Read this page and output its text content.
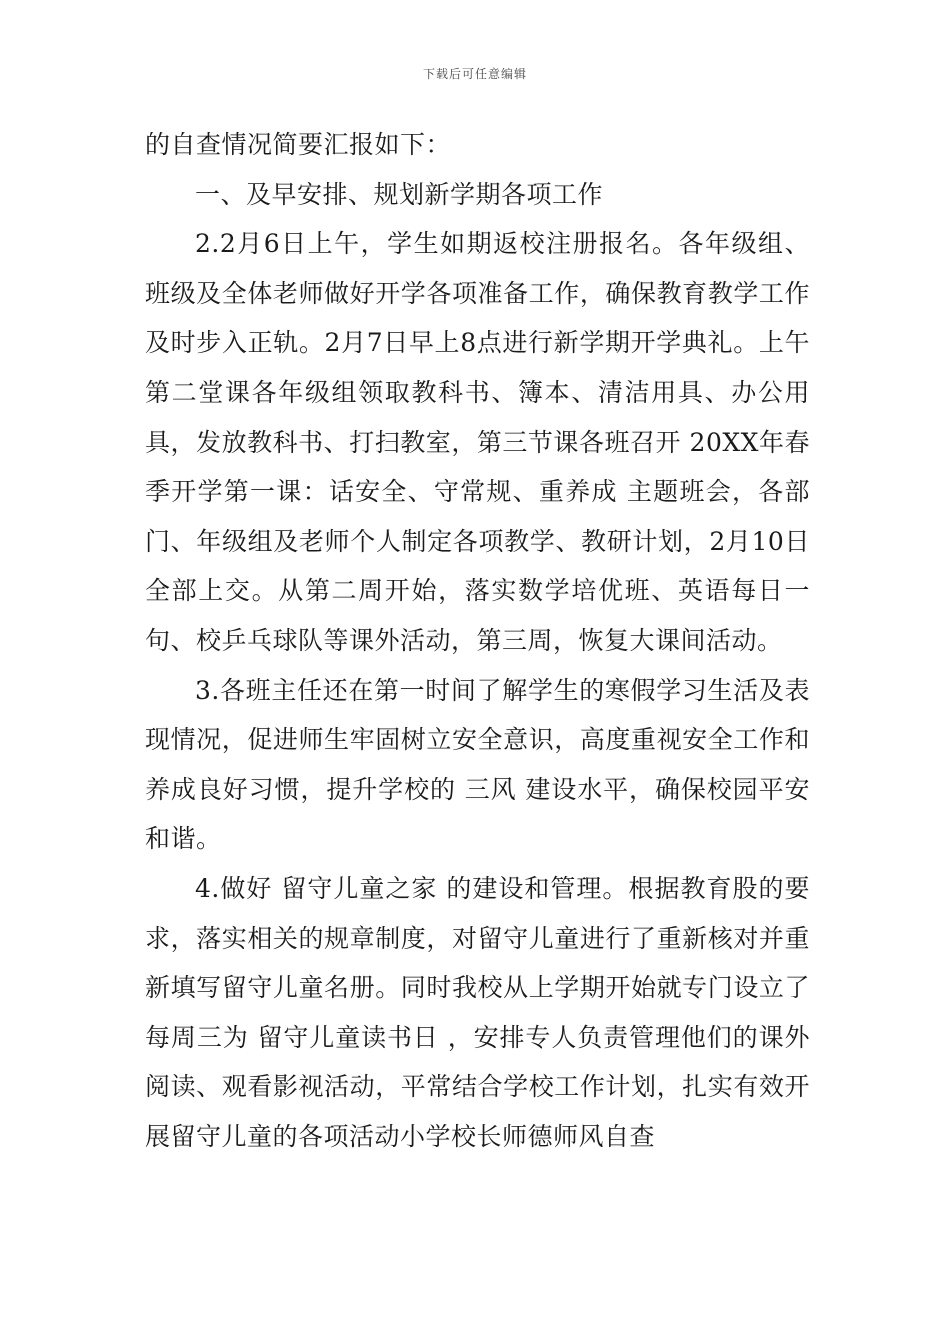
下载后可任意编辑

的自查情况简要汇报如下：

一、及早安排、规划新学期各项工作

2.2月6日上午，学生如期返校注册报名。各年级组、班级及全体老师做好开学各项准备工作，确保教育教学工作及时步入正轨。2月7日早上8点进行新学期开学典礼。上午第二堂课各年级组领取教科书、簿本、清洁用具、办公用具，发放教科书、打扫教室，第三节课各班召开 20XX年春季开学第一课：话安全、守常规、重养成 主题班会，各部门、年级组及老师个人制定各项教学、教研计划，2月10日全部上交。从第二周开始，落实数学培优班、英语每日一句、校乒乓球队等课外活动，第三周，恢复大课间活动。

3.各班主任还在第一时间了解学生的寒假学习生活及表现情况，促进师生牢固树立安全意识，高度重视安全工作和养成良好习惯，提升学校的 三风 建设水平，确保校园平安和谐。

4.做好 留守儿童之家 的建设和管理。根据教育股的要求，落实相关的规章制度，对留守儿童进行了重新核对并重新填写留守儿童名册。同时我校从上学期开始就专门设立了每周三为 留守儿童读书日 ，安排专人负责管理他们的课外阅读、观看影视活动，平常结合学校工作计划，扎实有效开展留守儿童的各项活动小学校长师德师风自查
